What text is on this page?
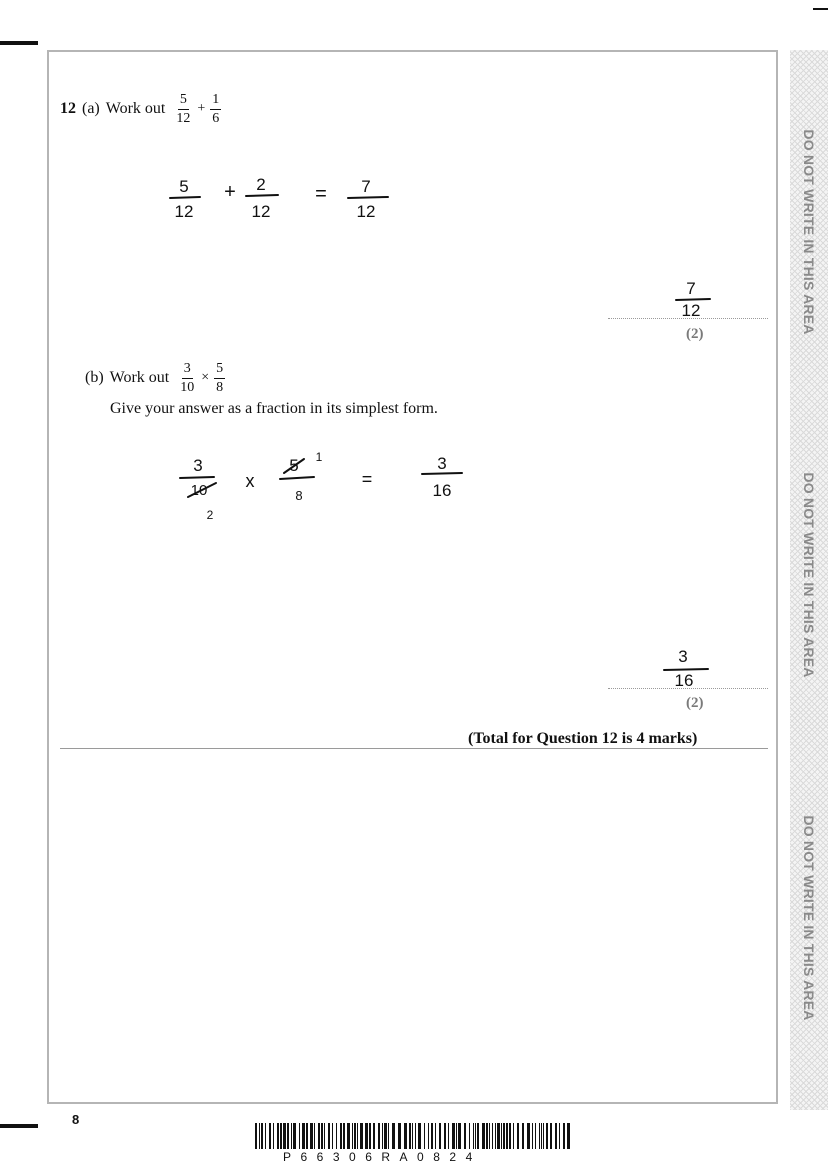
DO NOT WRITE IN THIS AREA
DO NOT WRITE IN THIS AREA
DO NOT WRITE IN THIS AREA
12 (a) Work out $\frac{5}{12} + \frac{1}{6}$
5
12
+ 2
12
= 7
12
7
12
(2)
(b) Work out $\frac{3}{10} \times \frac{5}{8}$
Give your answer as a fraction in its simplest form.
3
10
2
x
5 1
8
=
3
16
3
16
(2)
(Total for Question 12 is 4 marks)
8
P66306RA0824
